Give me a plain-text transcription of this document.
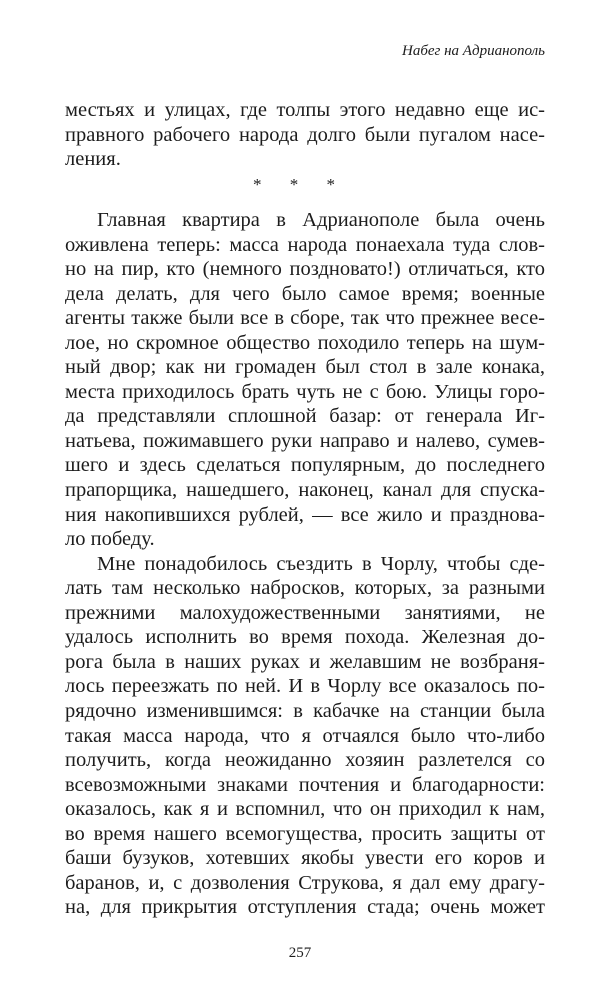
Набег на Адрианополь
местьях и улицах, где толпы этого недавно еще ис-
правного рабочего народа долго были пугалом насе-
ления.
* * *
Главная квартира в Адрианополе была очень
оживлена теперь: масса народа понаехала туда слов-
но на пир, кто (немного поздновато!) отличаться, кто
дела делать, для чего было самое время; военные
агенты также были все в сборе, так что прежнее весе-
лое, но скромное общество походило теперь на шум-
ный двор; как ни громаден был стол в зале конака,
места приходилось брать чуть не с бою. Улицы горо-
да представляли сплошной базар: от генерала Иг-
натьева, пожимавшего руки направо и налево, сумев-
шего и здесь сделаться популярным, до последнего
прапорщика, нашедшего, наконец, канал для спуска-
ния накопившихся рублей, — все жило и празднова-
ло победу.
Мне понадобилось съездить в Чорлу, чтобы сде-
лать там несколько набросков, которых, за разными
прежними малохудожественными занятиями, не
удалось исполнить во время похода. Железная до-
рога была в наших руках и желавшим не возбраня-
лось переезжать по ней. И в Чорлу все оказалось по-
рядочно изменившимся: в кабачке на станции была
такая масса народа, что я отчаялся было что-либо
получить, когда неожиданно хозяин разлетелся со
всевозможными знаками почтения и благодарности:
оказалось, как я и вспомнил, что он приходил к нам,
во время нашего всемогущества, просить защиты от
баши бузуков, хотевших якобы увести его коров и
баранов, и, с дозволения Струкова, я дал ему драгу-
на, для прикрытия отступления стада; очень может
257
